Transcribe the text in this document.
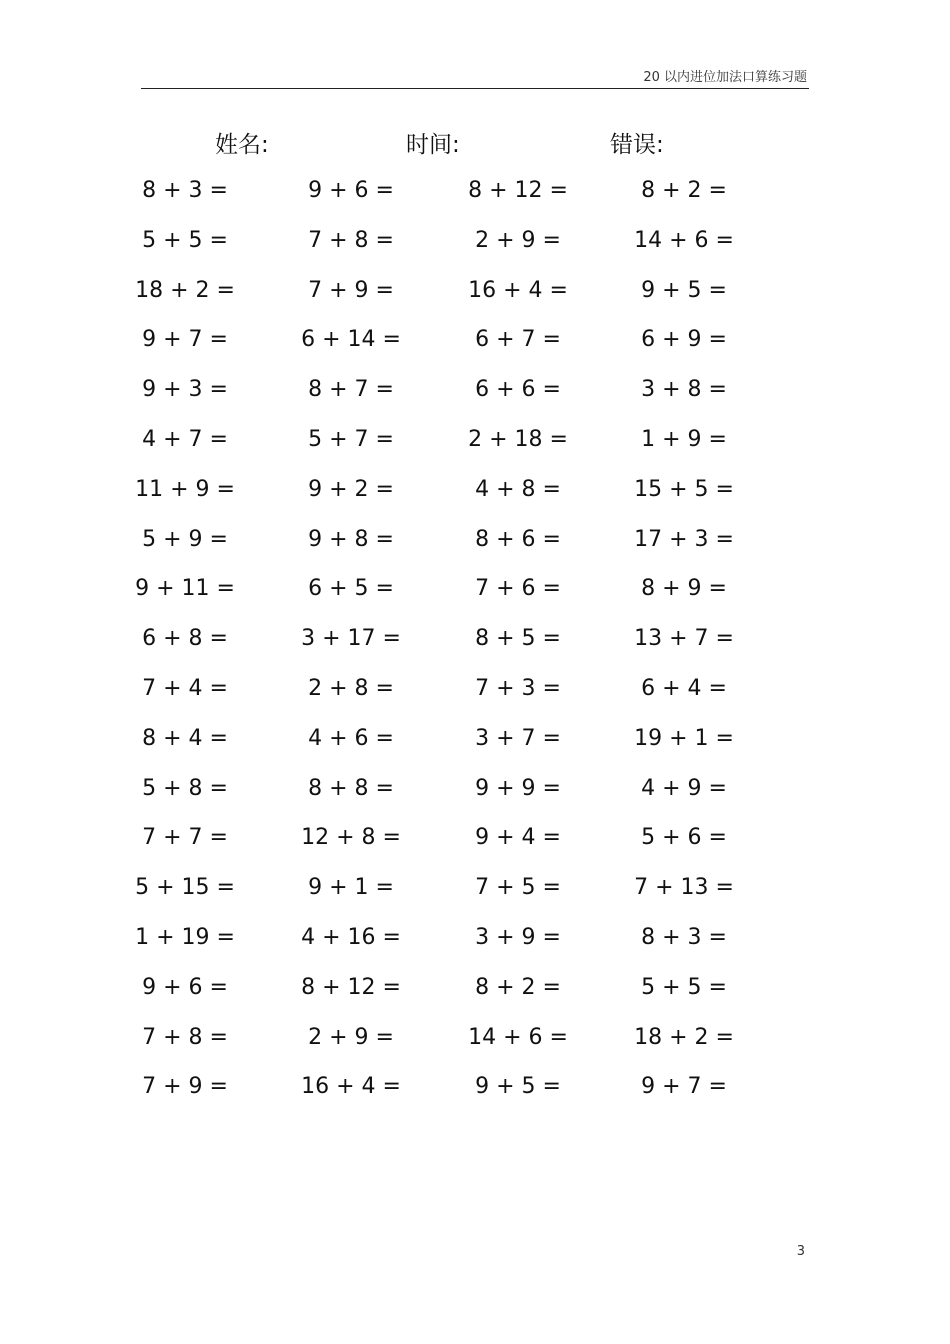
20 以内进位加法口算练习题
姓名:	时间:	错误:
8 + 3 =	9 + 6 =	8 + 12 =	8 + 2 =
5 + 5 =	7 + 8 =	2 + 9 =	14 + 6 =
18 + 2 =	7 + 9 =	16 + 4 =	9 + 5 =
9 + 7 =	6 + 14 =	6 + 7 =	6 + 9 =
9 + 3 =	8 + 7 =	6 + 6 =	3 + 8 =
4 + 7 =	5 + 7 =	2 + 18 =	1 + 9 =
11 + 9 =	9 + 2 =	4 + 8 =	15 + 5 =
5 + 9 =	9 + 8 =	8 + 6 =	17 + 3 =
9 + 11 =	6 + 5 =	7 + 6 =	8 + 9 =
6 + 8 =	3 + 17 =	8 + 5 =	13 + 7 =
7 + 4 =	2 + 8 =	7 + 3 =	6 + 4 =
8 + 4 =	4 + 6 =	3 + 7 =	19 + 1 =
5 + 8 =	8 + 8 =	9 + 9 =	4 + 9 =
7 + 7 =	12 + 8 =	9 + 4 =	5 + 6 =
5 + 15 =	9 + 1 =	7 + 5 =	7 + 13 =
1 + 19 =	4 + 16 =	3 + 9 =	8 + 3 =
9 + 6 =	8 + 12 =	8 + 2 =	5 + 5 =
7 + 8 =	2 + 9 =	14 + 6 =	18 + 2 =
7 + 9 =	16 + 4 =	9 + 5 =	9 + 7 =
3
